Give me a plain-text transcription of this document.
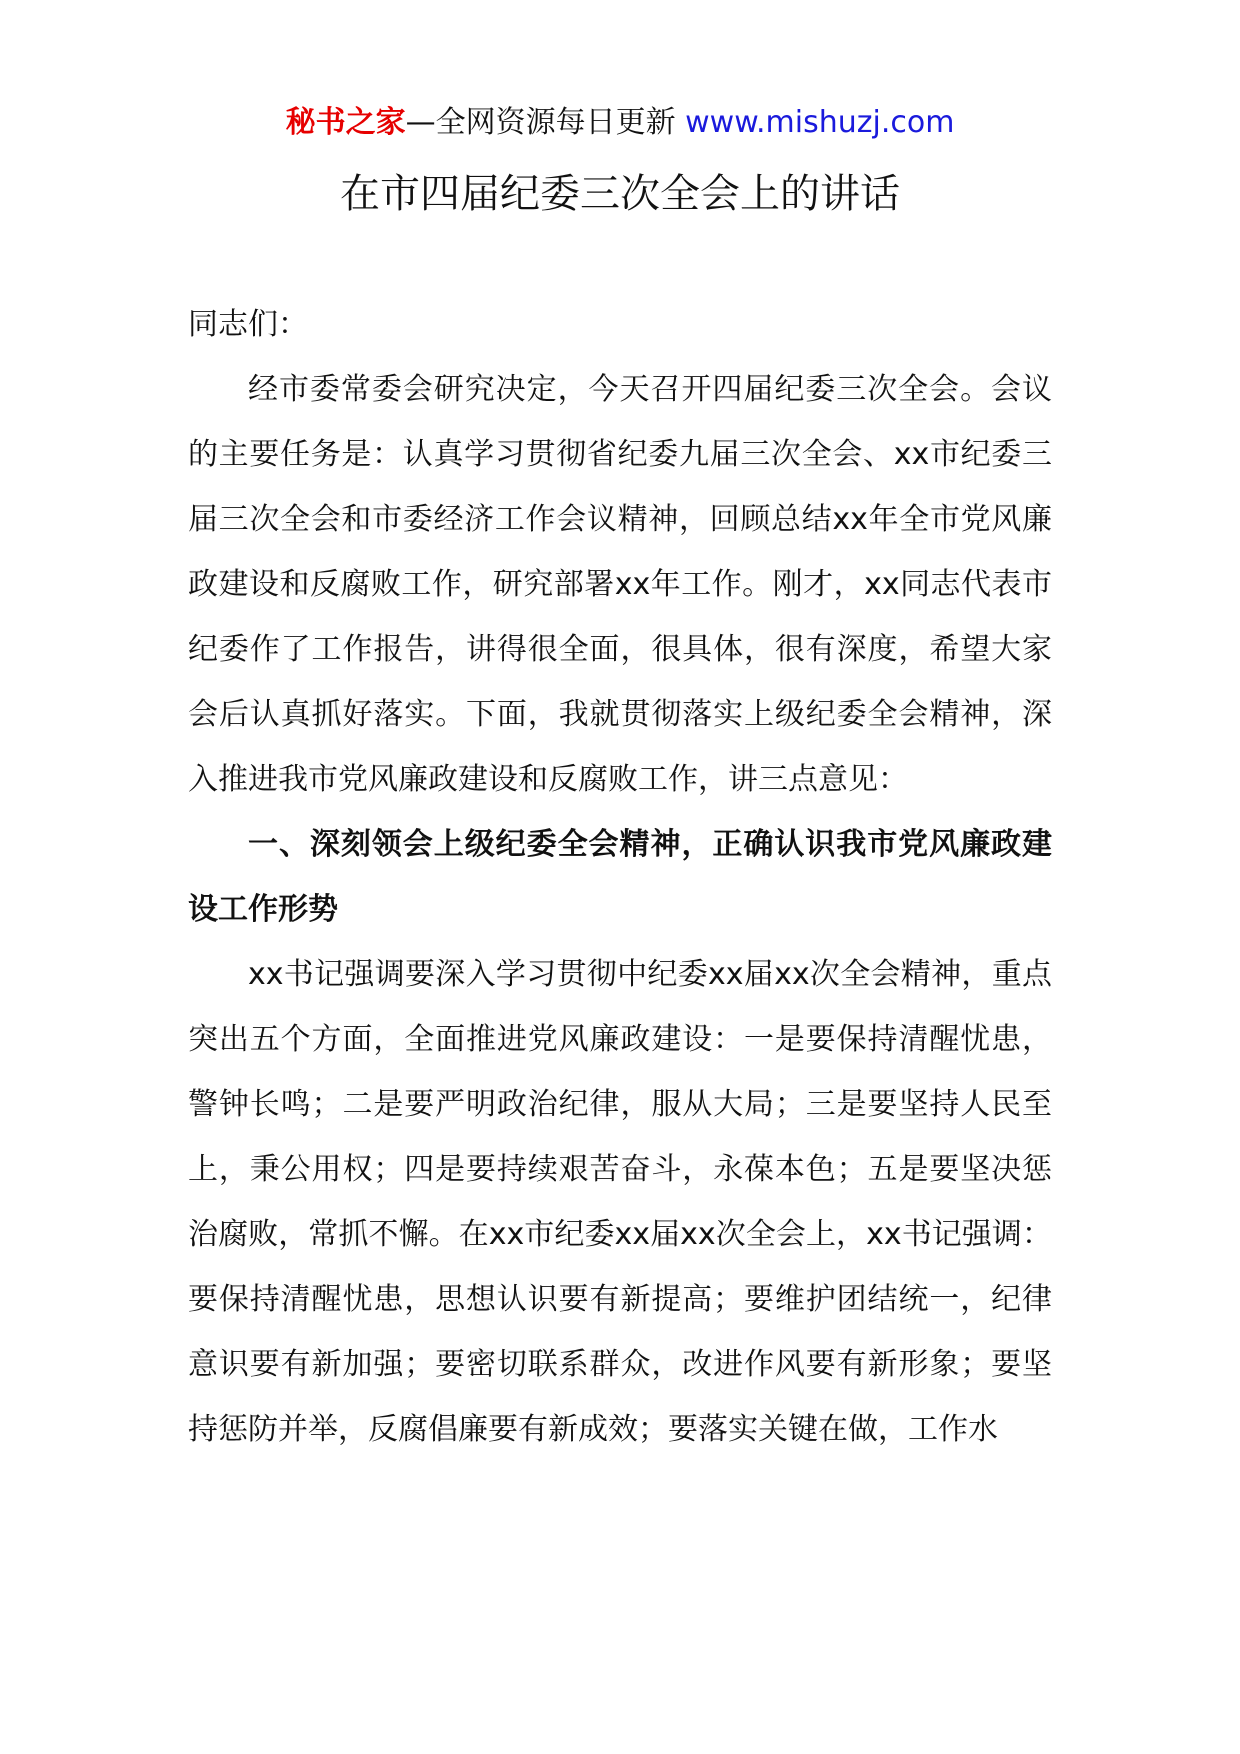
秘书之家—全网资源每日更新 www.mishuzj.com
在市四届纪委三次全会上的讲话

同志们：

经市委常委会研究决定，今天召开四届纪委三次全会。会议的主要任务是：认真学习贯彻省纪委九届三次全会、xx市纪委三届三次全会和市委经济工作会议精神，回顾总结xx年全市党风廉政建设和反腐败工作，研究部署xx年工作。刚才，xx同志代表市纪委作了工作报告，讲得很全面，很具体，很有深度，希望大家会后认真抓好落实。下面，我就贯彻落实上级纪委全会精神，深入推进我市党风廉政建设和反腐败工作，讲三点意见：

一、深刻领会上级纪委全会精神，正确认识我市党风廉政建设工作形势

xx书记强调要深入学习贯彻中纪委xx届xx次全会精神，重点突出五个方面，全面推进党风廉政建设：一是要保持清醒忧患，警钟长鸣；二是要严明政治纪律，服从大局；三是要坚持人民至上，秉公用权；四是要持续艰苦奋斗，永葆本色；五是要坚决惩治腐败，常抓不懈。在xx市纪委xx届xx次全会上，xx书记强调：要保持清醒忧患，思想认识要有新提高；要维护团结统一，纪律意识要有新加强；要密切联系群众，改进作风要有新形象；要坚持惩防并举，反腐倡廉要有新成效；要落实关键在做，工作水
